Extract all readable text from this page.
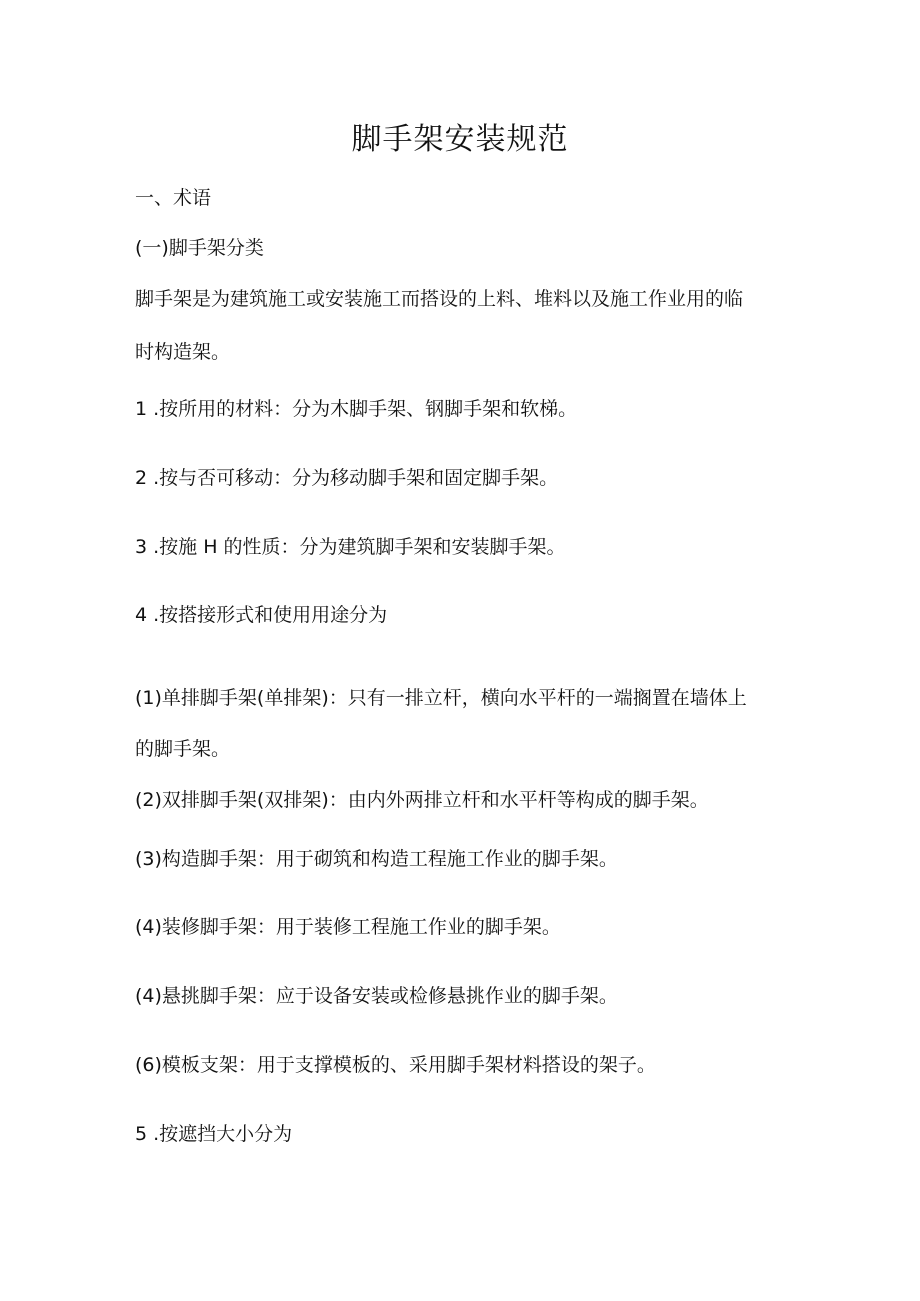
脚手架安装规范

一、术语

(一)脚手架分类

脚手架是为建筑施工或安装施工而搭设的上料、堆料以及施工作业用的临

时构造架。

1 .按所用的材料：分为木脚手架、钢脚手架和软梯。

2 .按与否可移动：分为移动脚手架和固定脚手架。

3 .按施 H 的性质：分为建筑脚手架和安装脚手架。

4 .按搭接形式和使用用途分为

(1)单排脚手架(单排架)：只有一排立杆，横向水平杆的一端搁置在墙体上

的脚手架。

(2)双排脚手架(双排架)：由内外两排立杆和水平杆等构成的脚手架。

(3)构造脚手架：用于砌筑和构造工程施工作业的脚手架。

(4)装修脚手架：用于装修工程施工作业的脚手架。

(4)悬挑脚手架：应于设备安装或检修悬挑作业的脚手架。

(6)模板支架：用于支撑模板的、采用脚手架材料搭设的架子。

5 .按遮挡大小分为
